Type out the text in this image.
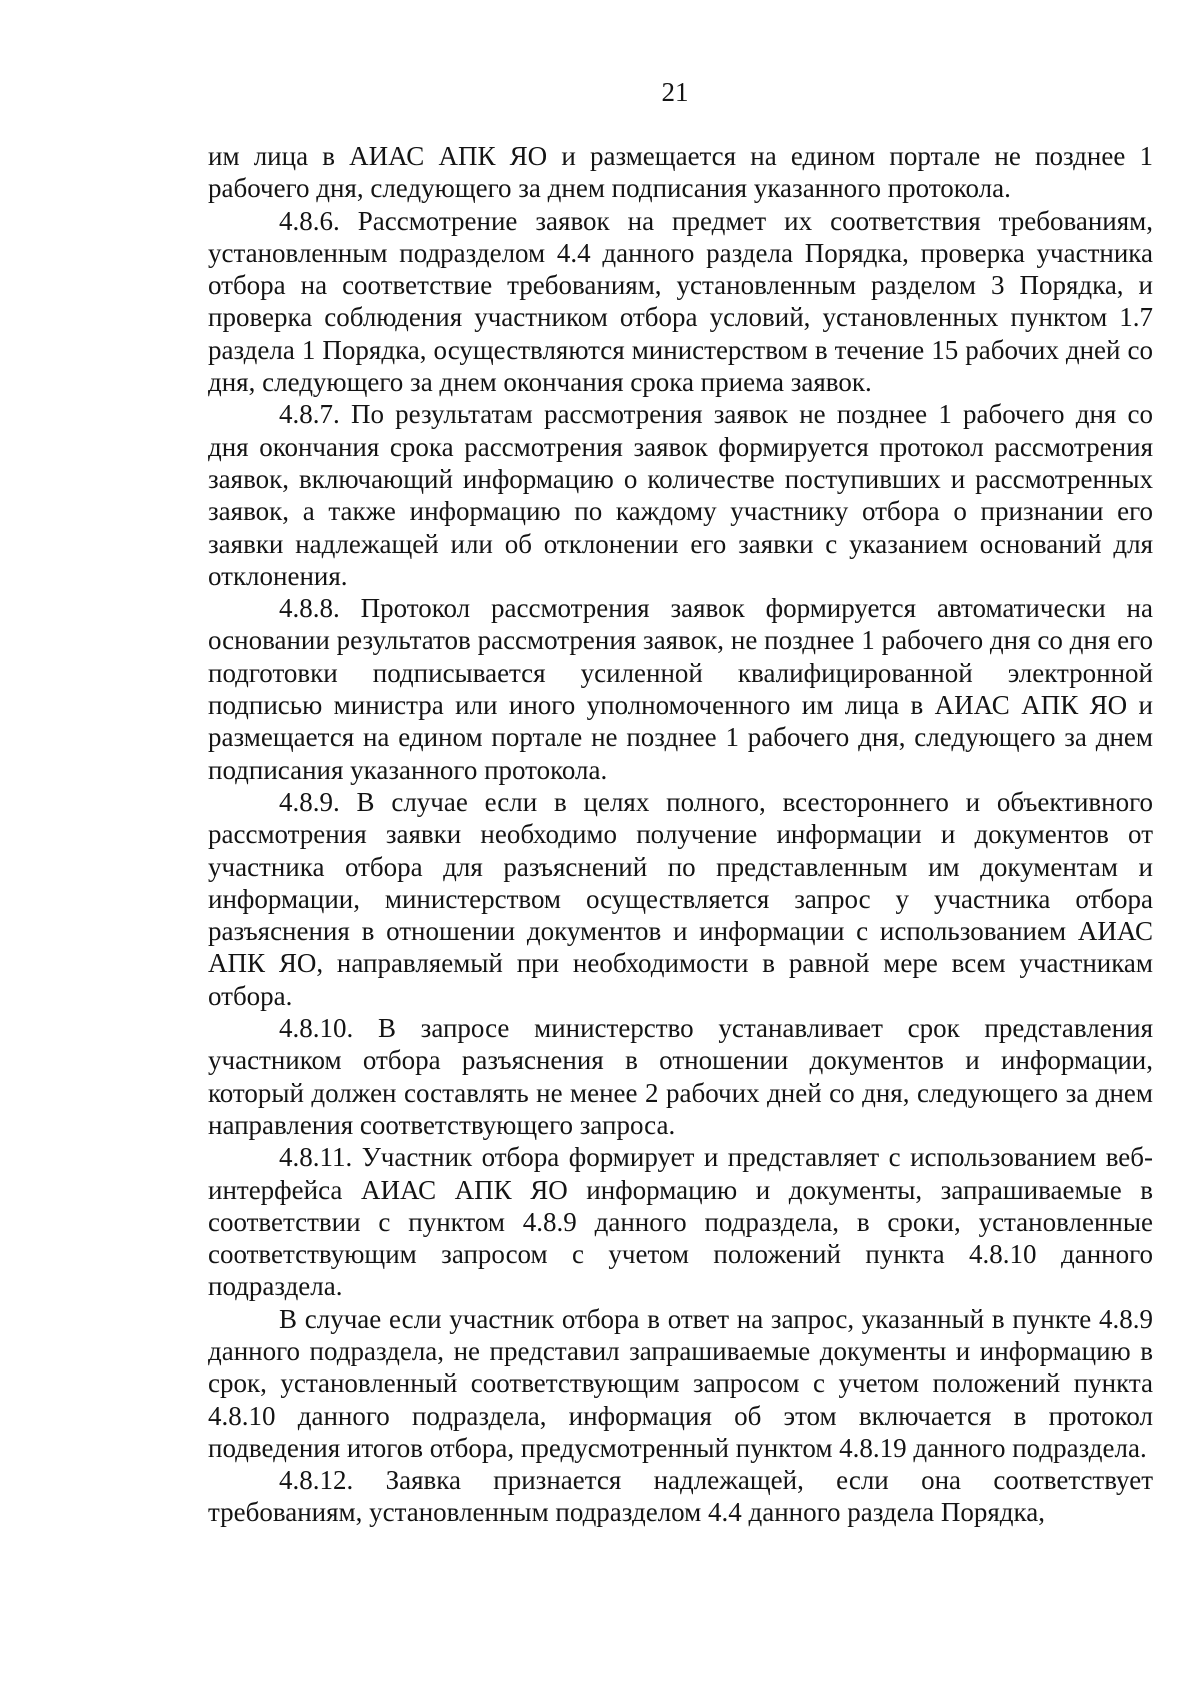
21

им лица в АИАС АПК ЯО и размещается на едином портале не позднее 1 рабочего дня, следующего за днем подписания указанного протокола.

4.8.6. Рассмотрение заявок на предмет их соответствия требованиям, установленным подразделом 4.4 данного раздела Порядка, проверка участника отбора на соответствие требованиям, установленным разделом 3 Порядка, и проверка соблюдения участником отбора условий, установленных пунктом 1.7 раздела 1 Порядка, осуществляются министерством в течение 15 рабочих дней со дня, следующего за днем окончания срока приема заявок.

4.8.7. По результатам рассмотрения заявок не позднее 1 рабочего дня со дня окончания срока рассмотрения заявок формируется протокол рассмотрения заявок, включающий информацию о количестве поступивших и рассмотренных заявок, а также информацию по каждому участнику отбора о признании его заявки надлежащей или об отклонении его заявки с указанием оснований для отклонения.

4.8.8. Протокол рассмотрения заявок формируется автоматически на основании результатов рассмотрения заявок, не позднее 1 рабочего дня со дня его подготовки подписывается усиленной квалифицированной электронной подписью министра или иного уполномоченного им лица в АИАС АПК ЯО и размещается на едином портале не позднее 1 рабочего дня, следующего за днем подписания указанного протокола.

4.8.9. В случае если в целях полного, всестороннего и объективного рассмотрения заявки необходимо получение информации и документов от участника отбора для разъяснений по представленным им документам и информации, министерством осуществляется запрос у участника отбора разъяснения в отношении документов и информации с использованием АИАС АПК ЯО, направляемый при необходимости в равной мере всем участникам отбора.

4.8.10. В запросе министерство устанавливает срок представления участником отбора разъяснения в отношении документов и информации, который должен составлять не менее 2 рабочих дней со дня, следующего за днем направления соответствующего запроса.

4.8.11. Участник отбора формирует и представляет с использованием веб-интерфейса АИАС АПК ЯО информацию и документы, запрашиваемые в соответствии с пунктом 4.8.9 данного подраздела, в сроки, установленные соответствующим запросом с учетом положений пункта 4.8.10 данного подраздела.

В случае если участник отбора в ответ на запрос, указанный в пункте 4.8.9 данного подраздела, не представил запрашиваемые документы и информацию в срок, установленный соответствующим запросом с учетом положений пункта 4.8.10 данного подраздела, информация об этом включается в протокол подведения итогов отбора, предусмотренный пунктом 4.8.19 данного подраздела.

4.8.12. Заявка признается надлежащей, если она соответствует требованиям, установленным подразделом 4.4 данного раздела Порядка,
